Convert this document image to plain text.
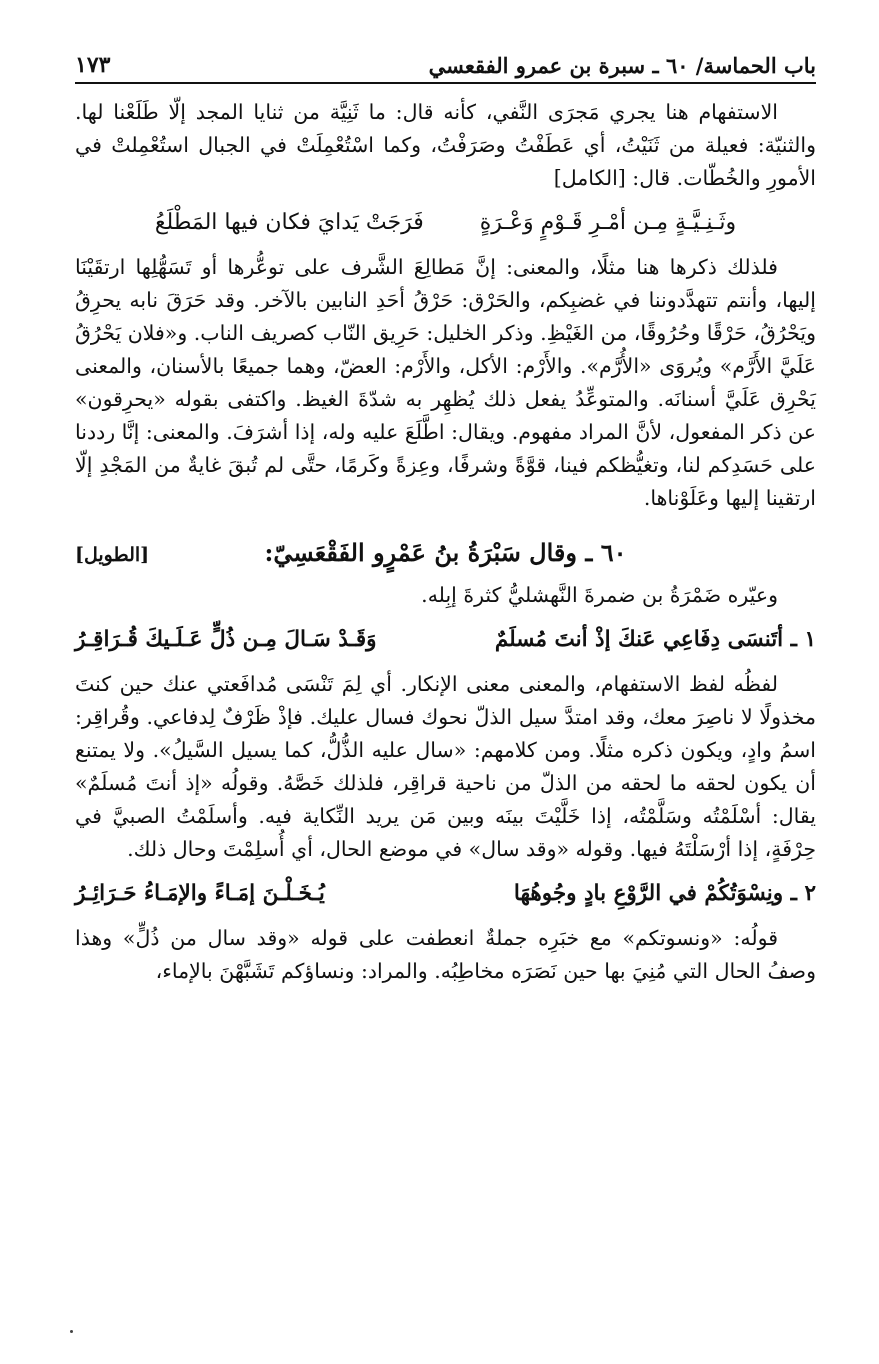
باب الحماسة/ ٦٠ ـ سبرة بن عمرو الفقعسي
١٧٣

الاستفهام هنا يجري مَجرَى النَّفي، كأنه قال: ما ثَنِيَّة من ثنايا المجد إلّا طَلَعْنا لها. والثنيّة: فعيلة من ثَنَيْتُ، أي عَطَفْتُ وصَرَفْتُ، وكما اسْتُعْمِلَتْ في الجبال استُعْمِلتْ في الأمورِ والخُطّات. قال: [الكامل]

وثَـنِـيَّـةٍ مِـن أمْـرِ قَـوْمٍ وَعْـرَةٍ
فَرَجَتْ يَدايَ فكان فيها المَطْلَعُ

فلذلك ذكرها هنا مثلًا، والمعنى: إنَّ مَطالِعَ الشَّرف على توعُّرها أو تَسَهُّلِها ارتقَيْنَا إليها، وأنتم تتهدَّدوننا في غضبِكم، والحَرْق: حَرْقُ أحَدِ النابين بالآخر. وقد حَرَقَ نابه يحرِقُ ويَحْرُقُ، حَرْقًا وحُرُوقًا، من الغَيْظِ. وذكر الخليل: حَرِيق النّاب كصريف الناب. و«فلان يَحْرُقُ عَلَيَّ الأَرَّم» ويُروَى «الأُرَّم». والأَرْم: الأكل، والأَرْم: العضّ، وهما جميعًا بالأسنان، والمعنى يَحْرِق عَلَيَّ أسنانَه. والمتوعِّدُ يفعل ذلك يُظهِر به شدّةَ الغيظ. واكتفى بقوله «يحرِقون» عن ذكر المفعول، لأنَّ المراد مفهوم. ويقال: اطَّلَعَ عليه وله، إذا أشرَفَ. والمعنى: إنَّا رددنا على حَسَدِكم لنا، وتغيُّظكم فينا، قوَّةً وشرفًا، وعِزةً وكَرمًا، حتَّى لم تُبقَ غايةٌ من المَجْدِ إلّا ارتقينا إليها وعَلَوْناها.

٦٠ ـ وقال سَبْرَةُ بنُ عَمْرٍو الفَقْعَسِيّ:
[الطويل]

وعيّره ضَمْرَةُ بن ضمرةَ النَّهشليُّ كثرةَ إبِله.

١ ـ أتَنسَى دِفَاعِي عَنكَ إذْ أنتَ مُسلَمٌ
وَقَـدْ سَـالَ مِـن ذُلٍّ عَـلَـيكَ قُـرَاقِـرُ

لفظُه لفظ الاستفهام، والمعنى معنى الإنكار. أي لِمَ تَنْسَى مُدافَعتي عنك حين كنتَ مخذولًا لا ناصِرَ معك، وقد امتدَّ سيل الذلّ نحوك فسال عليك. فإذْ ظَرْفٌ لِدفاعي. وقُراقِر: اسمُ وادٍ، ويكون ذكره مثلًا. ومن كلامهم: «سال عليه الذُّلُّ، كما يسيل السَّيلُ». ولا يمتنع أن يكون لحقه ما لحقه من الذلّ من ناحية قراقِر، فلذلك خَصَّهُ. وقولُه «إذ أنتَ مُسلَمٌ» يقال: أسْلَمْتُه وسَلَّمْتُه، إذا خَلَّيْتَ بينَه وبين مَن يريد النِّكاية فيه. وأسلَمْتُ الصبيَّ في حِرْفَةٍ، إذا أرْسَلْتَهُ فيها. وقوله «وقد سال» في موضع الحال، أي أُسلِمْتَ وحال ذلك.

٢ ـ ونِسْوَتُكُمْ في الرَّوْعِ بادٍ وجُوهُهَا
يُـخَـلْـنَ إمَـاءً والإمَـاءُ حَـرَائِـرُ

قولُه: «ونسوتكم» مع خبَرِه جملةٌ انعطفت على قوله «وقد سال من ذُلٍّ» وهذا وصفُ الحال التي مُنِيَ بها حين نَصَرَه مخاطِبُه. والمراد: ونساؤكم تَشَبَّهْنَ بالإماء،
